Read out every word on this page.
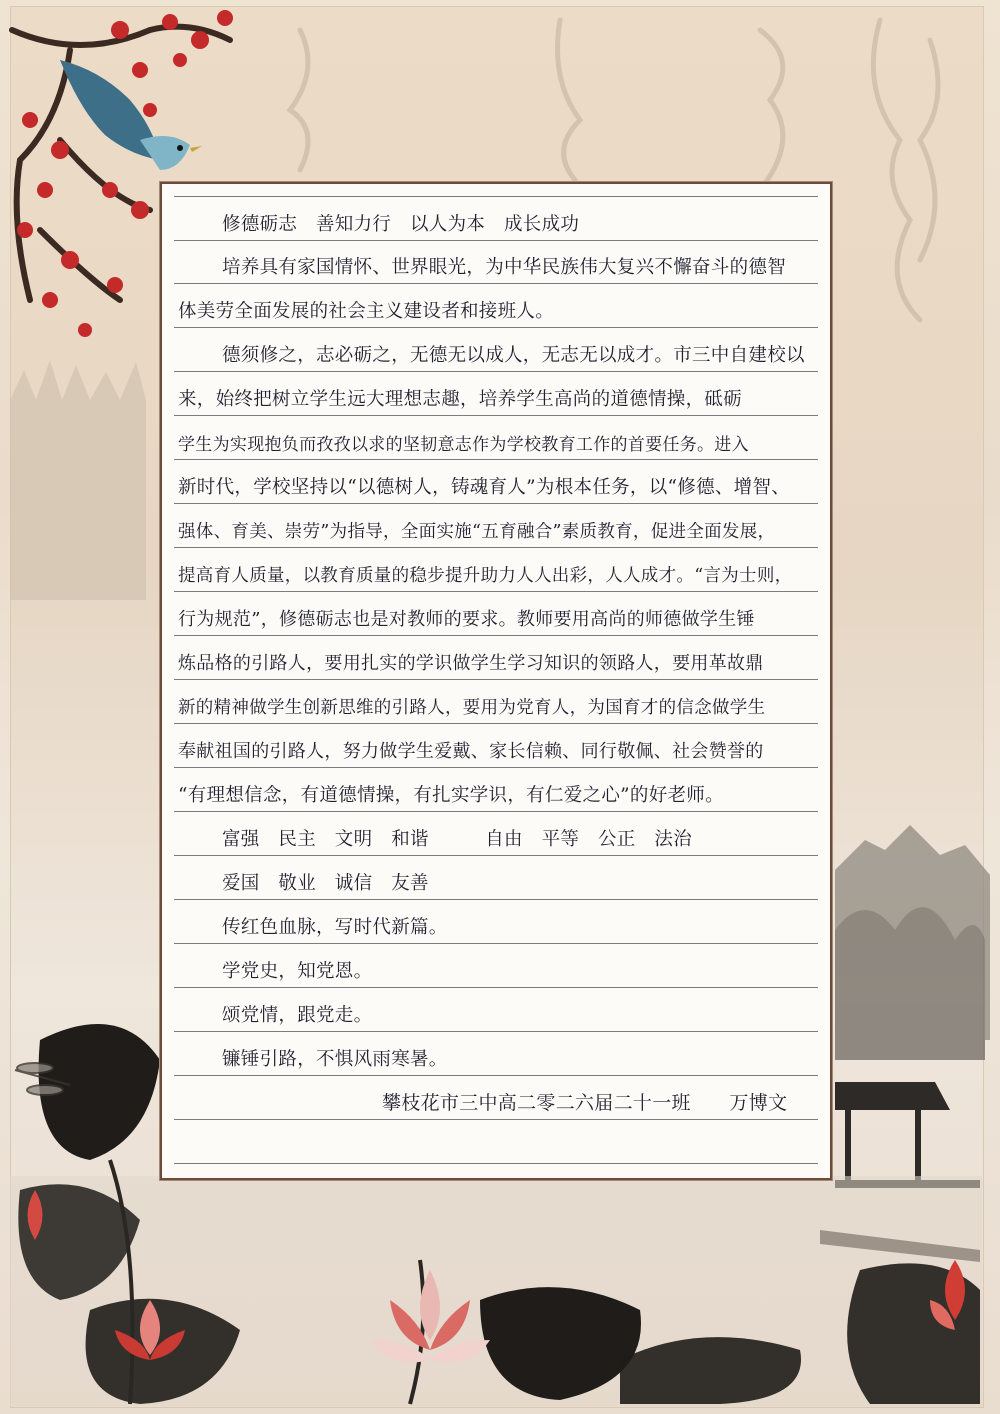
修德砺志　善知力行　以人为本　成长成功
培养具有家国情怀、世界眼光，为中华民族伟大复兴不懈奋斗的德智
体美劳全面发展的社会主义建设者和接班人。
德须修之，志必砺之，无德无以成人，无志无以成才。市三中自建校以
来，始终把树立学生远大理想志趣，培养学生高尚的道德情操，砥砺
学生为实现抱负而孜孜以求的坚韧意志作为学校教育工作的首要任务。进入
新时代，学校坚持以“以德树人，铸魂育人”为根本任务，以“修德、增智、
强体、育美、崇劳”为指导，全面实施“五育融合”素质教育，促进全面发展，
提高育人质量，以教育质量的稳步提升助力人人出彩，人人成才。“言为士则，
行为规范”，修德砺志也是对教师的要求。教师要用高尚的师德做学生锤
炼品格的引路人，要用扎实的学识做学生学习知识的领路人，要用革故鼎
新的精神做学生创新思维的引路人，要用为党育人，为国育才的信念做学生
奉献祖国的引路人，努力做学生爱戴、家长信赖、同行敬佩、社会赞誉的
“有理想信念，有道德情操，有扎实学识，有仁爱之心”的好老师。
富强　民主　文明　和谐　　　自由　平等　公正　法治
爱国　敬业　诚信　友善
传红色血脉，写时代新篇。
学党史，知党恩。
颂党情，跟党走。
镰锤引路，不惧风雨寒暑。
攀枝花市三中高二零二六届二十一班　　万博文
